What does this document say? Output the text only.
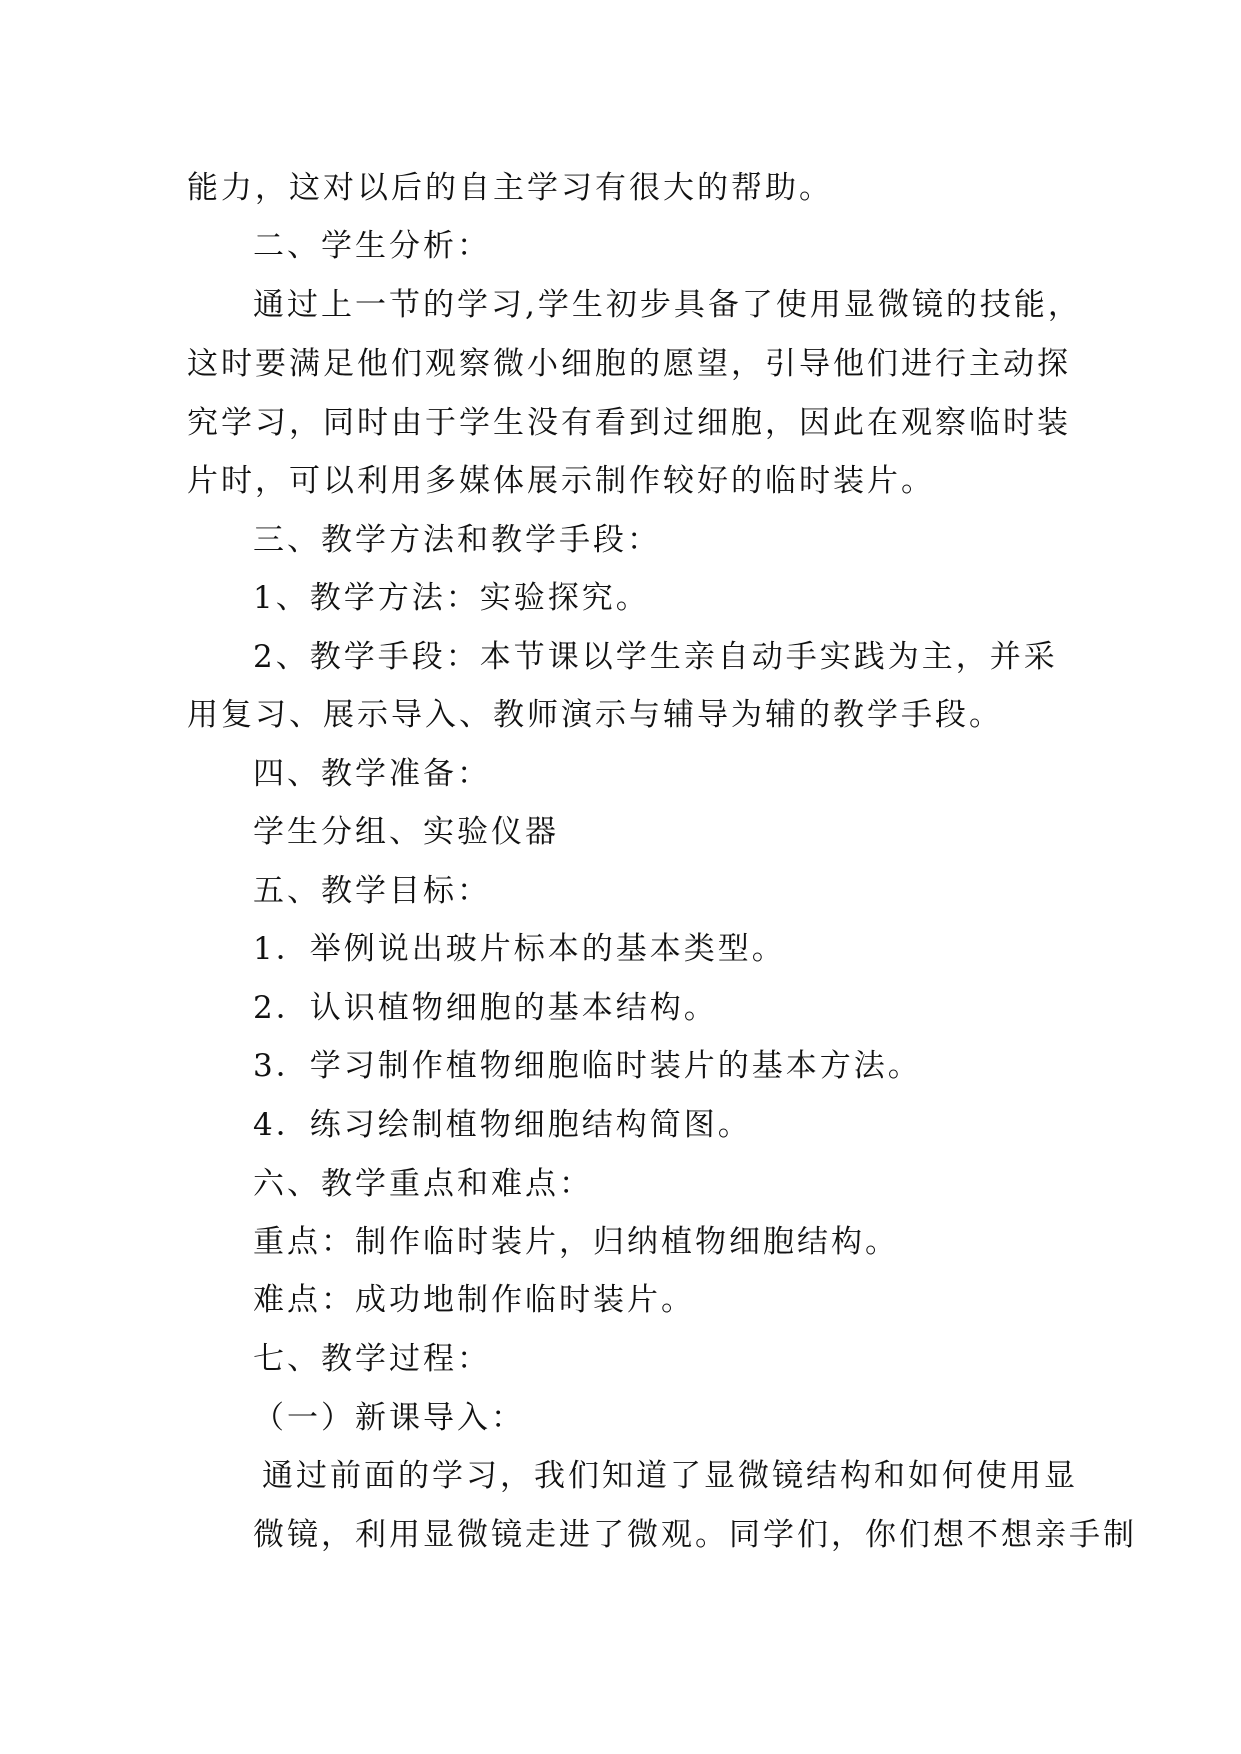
能力，这对以后的自主学习有很大的帮助。

二、学生分析：

通过上一节的学习,学生初步具备了使用显微镜的技能，

这时要满足他们观察微小细胞的愿望，引导他们进行主动探

究学习，同时由于学生没有看到过细胞，因此在观察临时装

片时，可以利用多媒体展示制作较好的临时装片。

三、教学方法和教学手段：

1、教学方法：实验探究。

2、教学手段：本节课以学生亲自动手实践为主，并采

用复习、展示导入、教师演示与辅导为辅的教学手段。

四、教学准备：

学生分组、实验仪器

五、教学目标：

1．举例说出玻片标本的基本类型。

2．认识植物细胞的基本结构。

3．学习制作植物细胞临时装片的基本方法。

4．练习绘制植物细胞结构简图。

六、教学重点和难点：

重点：制作临时装片，归纳植物细胞结构。

难点：成功地制作临时装片。

七、教学过程：

（一）新课导入：

通过前面的学习，我们知道了显微镜结构和如何使用显

微镜，利用显微镜走进了微观。同学们，你们想不想亲手制
